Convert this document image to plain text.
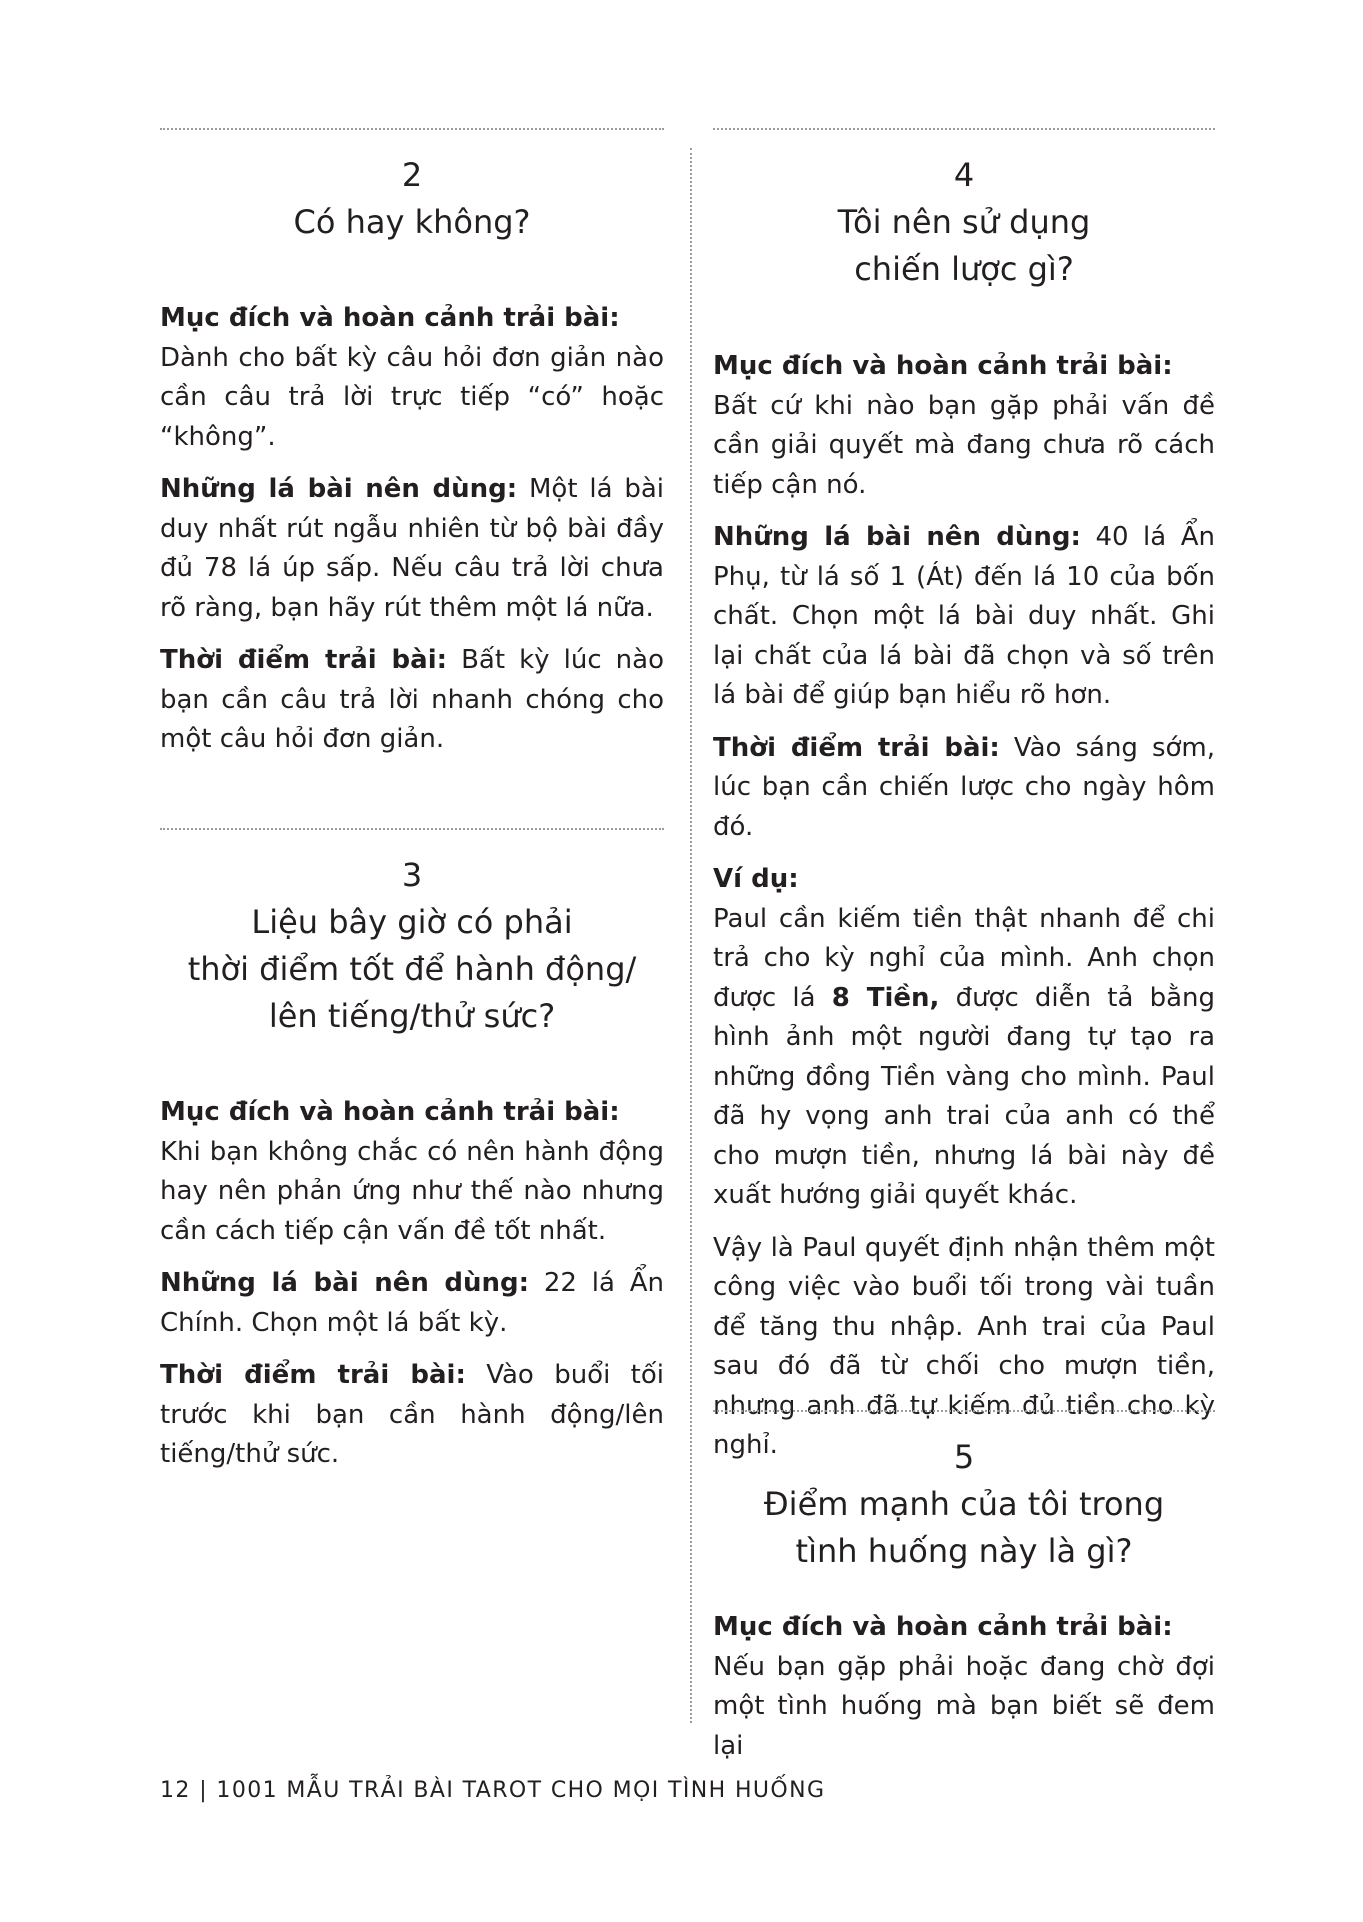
2
Có hay không?

Mục đích và hoàn cảnh trải bài:

Dành cho bất kỳ câu hỏi đơn giản nào cần câu trả lời trực tiếp “có” hoặc “không”.

Những lá bài nên dùng: Một lá bài duy nhất rút ngẫu nhiên từ bộ bài đầy đủ 78 lá úp sấp. Nếu câu trả lời chưa rõ ràng, bạn hãy rút thêm một lá nữa.

Thời điểm trải bài: Bất kỳ lúc nào bạn cần câu trả lời nhanh chóng cho một câu hỏi đơn giản.

3
Liệu bây giờ có phải
thời điểm tốt để hành động/
lên tiếng/thử sức?

Mục đích và hoàn cảnh trải bài:

Khi bạn không chắc có nên hành động hay nên phản ứng như thế nào nhưng cần cách tiếp cận vấn đề tốt nhất.

Những lá bài nên dùng: 22 lá Ẩn Chính. Chọn một lá bất kỳ.

Thời điểm trải bài: Vào buổi tối trước khi bạn cần hành động/lên tiếng/thử sức.

4
Tôi nên sử dụng
chiến lược gì?

Mục đích và hoàn cảnh trải bài:

Bất cứ khi nào bạn gặp phải vấn đề cần giải quyết mà đang chưa rõ cách tiếp cận nó.

Những lá bài nên dùng: 40 lá Ẩn Phụ, từ lá số 1 (Át) đến lá 10 của bốn chất. Chọn một lá bài duy nhất. Ghi lại chất của lá bài đã chọn và số trên lá bài để giúp bạn hiểu rõ hơn.

Thời điểm trải bài: Vào sáng sớm, lúc bạn cần chiến lược cho ngày hôm đó.

Ví dụ:

Paul cần kiếm tiền thật nhanh để chi trả cho kỳ nghỉ của mình. Anh chọn được lá 8 Tiền, được diễn tả bằng hình ảnh một người đang tự tạo ra những đồng Tiền vàng cho mình. Paul đã hy vọng anh trai của anh có thể cho mượn tiền, nhưng lá bài này đề xuất hướng giải quyết khác.

Vậy là Paul quyết định nhận thêm một công việc vào buổi tối trong vài tuần để tăng thu nhập. Anh trai của Paul sau đó đã từ chối cho mượn tiền, nhưng anh đã tự kiếm đủ tiền cho kỳ nghỉ.	5
Điểm mạnh của tôi trong
tình huống này là gì?

Mục đích và hoàn cảnh trải bài:

Nếu bạn gặp phải hoặc đang chờ đợi một tình huống mà bạn biết sẽ đem lại

12 | 1001 MẪU TRẢI BÀI TAROT CHO MỌI TÌNH HUỐNG
